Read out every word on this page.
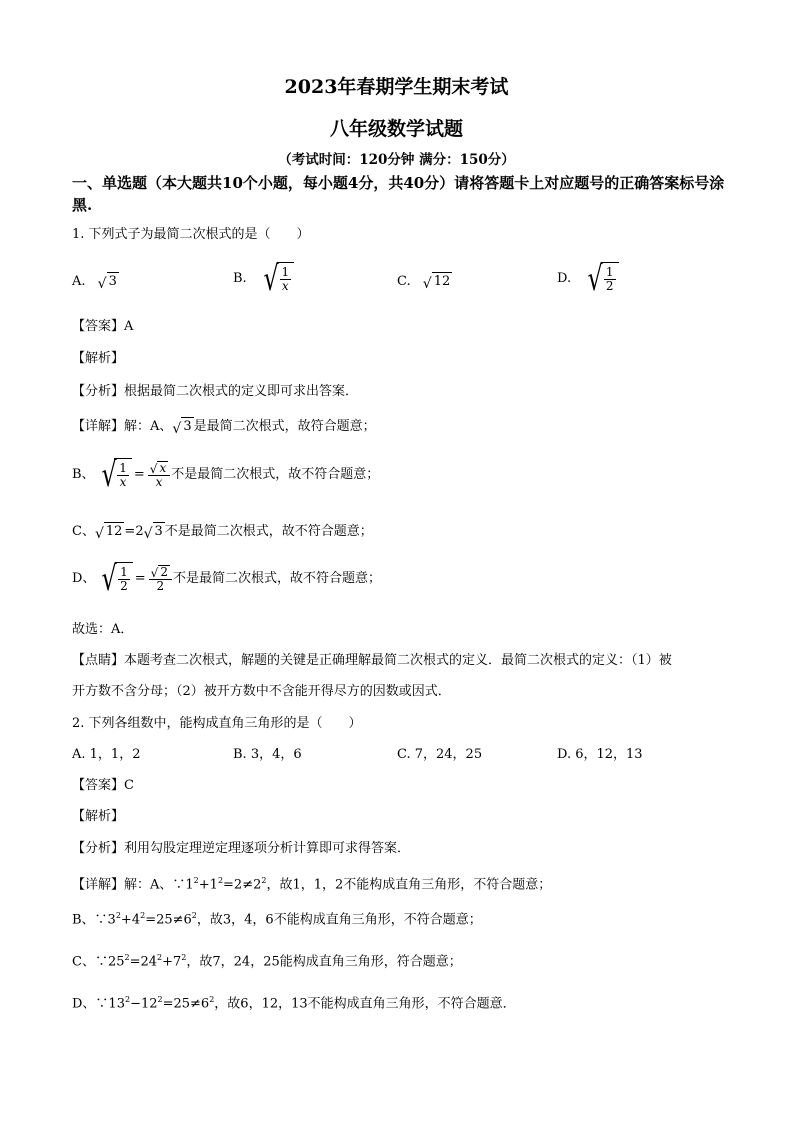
2023年春期学生期末考试
八年级数学试题
（考试时间：120分钟 满分：150分）
一、单选题（本大题共10个小题，每小题4分，共40分）请将答题卡上对应题号的正确答案标号涂黑.
1. 下列式子为最简二次根式的是（　　）
A. √ 3	B. √ $\frac{1}{x}$	C. √ 12	D. √ $\frac{1}{2}$
【答案】A
【解析】
【分析】根据最简二次根式的定义即可求出答案．
【详解】解：A、 √ 3 是最简二次根式，故符合题意；
B、 √ $\frac{1}{x} = \frac{√ x}{x}$ 不是最简二次根式，故不符合题意；
C、 √ 12 =2 √ 3 不是最简二次根式，故不符合题意；
D、 √ $\frac{1}{2} = \frac{√ 2}{2}$ 不是最简二次根式，故不符合题意；
故选：A．
【点睛】本题考查二次根式，解题的关键是正确理解最简二次根式的定义．最简二次根式的定义：（1）被
开方数不含分母；（2）被开方数中不含能开得尽方的因数或因式．
2. 下列各组数中，能构成直角三角形的是（　　）
A. 1，1，2	B. 3，4，6	C. 7，24，25	D. 6，12，13
【答案】C
【解析】
【分析】利用勾股定理逆定理逐项分析计算即可求得答案．
【详解】解：A、$\because 1^2+1^2=2\ne 2^2$，故1，1，2不能构成直角三角形，不符合题意；
B、$\because 3^2+4^2=25\ne 6^2$，故3，4，6不能构成直角三角形，不符合题意；
C、$\because 25^2=24^2+7^2$，故7，24，25能构成直角三角形，符合题意；
D、$\because 13^2-12^2=25\ne 6^2$，故6，12，13不能构成直角三角形，不符合题意．
